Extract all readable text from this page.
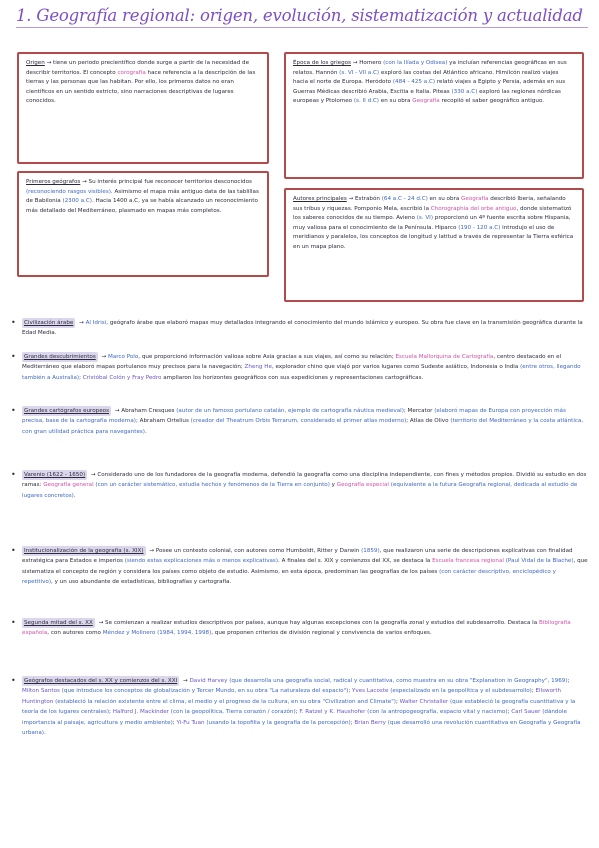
1. Geografía regional: origen, evolución, sistematización y actualidad
Origen → tiene un periodo precientífico donde surge a partir de la necesidad de describir territorios. El concepto corografía hace referencia a la descripción de las tierras y las personas que las habitan. Por ello, los primeros datos no eran científicos en un sentido estricto, sino narraciones descriptivas de lugares conocidos.
Época de los griegos → Homero (con la Ilíada y Odisea) ya incluían referencias geográficas en sus relatos. Hannón (s. VI - VII a.C) exploró las costas del Atlántico africano. Himilcón realizó viajes hacia el norte de Europa. Heródoto (484 - 425 a.C) relató viajes a Egipto y Persia, además en sus Guerras Médicas describió Arabia, Escitia e Italia. Piteas (330 a.C) exploró las regiones nórdicas europeas y Ptolomeo (s. II d.C) en su obra Geografía recopiló el saber geográfico antiguo.
Primeros geógrafos → Su interés principal fue reconocer territorios desconocidos (reconociendo rasgos visibles). Asimismo el mapa más antiguo data de las tablillas de Babilonia (2300 a.C). Hacia 1400 a.C, ya se había alcanzado un reconocimiento más detallado del Mediterráneo, plasmado en mapas más completos.
Autores principales → Estrabón (64 a.C - 24 d.C) en su obra Geografía describió Iberia, señalando sus tribus y riquezas. Pomponio Mela, escribió la Chorographia del orbe antiguo, donde sistematizó los saberes conocidos de su tiempo. Avieno (s. VI) proporcionó un 4º fuente escrita sobre Hispania, muy valiosa para el conocimiento de la Península. Hiparco (190 - 120 a.C) introdujo el uso de meridianos y paralelos, los conceptos de longitud y latitud a través de representar la Tierra esférica en un mapa plano.
• Civilización árabe → Al Idrisi, geógrafo árabe que elaboró mapas muy detallados integrando el conocimiento del mundo islámico y europeo. Su obra fue clave en la transmisión geográfica durante la Edad Media.
• Grandes descubrimientos → Marco Polo, que proporcionó información valiosa sobre Asia gracias a sus viajes, así como su relación; Escuela Mallorquina de Cartografía, centro destacado en el Mediterráneo que elaboró mapas portulanos muy precisos para la navegación; Zheng He, explorador chino que viajó por varios lugares como Sudeste asiático, Indonesia o India (entre otros, llegando también a Australia); Cristóbal Colón y Fray Pedro ampliaron los horizontes geográficos con sus expediciones y representaciones cartográficas.
• Grandes cartógrafos europeos → Abraham Cresques (autor de un famoso portulano catalán, ejemplo de cartografía náutica medieval); Mercator (elaboró mapas de Europa con proyección más precisa, base de la cartografía moderna); Abraham Ortelius (creador del Theatrum Orbis Terrarum, considerado el primer atlas moderno); Atlas de Olivo (territorio del Mediterráneo y la costa atlántica, con gran utilidad práctica para navegantes).
• Varenio (1622 - 1650) → Considerado uno de los fundadores de la geografía moderna, defendió la geografía como una disciplina independiente, con fines y métodos propios. Dividió su estudio en dos ramas: Geografía general (con un carácter sistemático, estudia hechos y fenómenos de la Tierra en conjunto) y Geografía especial (equivalente a la futura Geografía regional, dedicada al estudio de lugares concretos).
• Institucionalización de la geografía (s. XIX) → Posee un contexto colonial, con autores como Humboldt, Ritter y Darwin (1859), que realizaron una serie de descripciones explicativas con finalidad estratégica para Estados e imperios (siendo estas explicaciones más o menos explicativas). A finales del s. XIX y comienzos del XX, se destaca la Escuela francesa regional (Paul Vidal de la Blache), que sistematiza el concepto de región y considera los países como objeto de estudio. Asimismo, en esta época, predominan las geografías de los países (con carácter descriptivo, enciclopédico y repetitivo), y un uso abundante de estadísticas, bibliografías y cartografía.
• Segunda mitad del s. XX → Se comienzan a realizar estudios descriptivos por países, aunque hay algunas excepciones con la geografía zonal y estudios del subdesarrollo. Destaca la Bibliografía española, con autores como Méndez y Molinero (1984, 1994, 1998), que proponen criterios de división regional y convivencia de varios enfoques.
• Geógrafos destacados del s. XX y comienzos del s. XXI → David Harvey (que desarrolla una geografía social, radical y cuantitativa, como muestra en su obra "Explanation in Geography", 1969); Milton Santos (que introduce los conceptos de globalización y Tercer Mundo, en su obra "La naturaleza del espacio"); Yves Lacoste (especializado en la geopolítica y el subdesarrollo); Ellsworth Huntington (estableció la relación existente entre el clima, el medio y el progreso de la cultura, en su obra "Civilization and Climate"); Walter Christaller (que estableció la geografía cuantitativa y la teoría de los lugares centrales); Halford J. Mackinder (con la geopolítica, Tierra corazón / corazón); F. Ratzel y K. Haushofer (con la antropogeografía, espacio vital y nacismo); Carl Sauer (dándole importancia al paisaje, agricultura y medio ambiente); Yi-Fu Tuan (usando la topofilia y la geografía de la percepción); Brian Berry (que desarrolló una revolución cuantitativa en Geografía y Geografía urbana).
